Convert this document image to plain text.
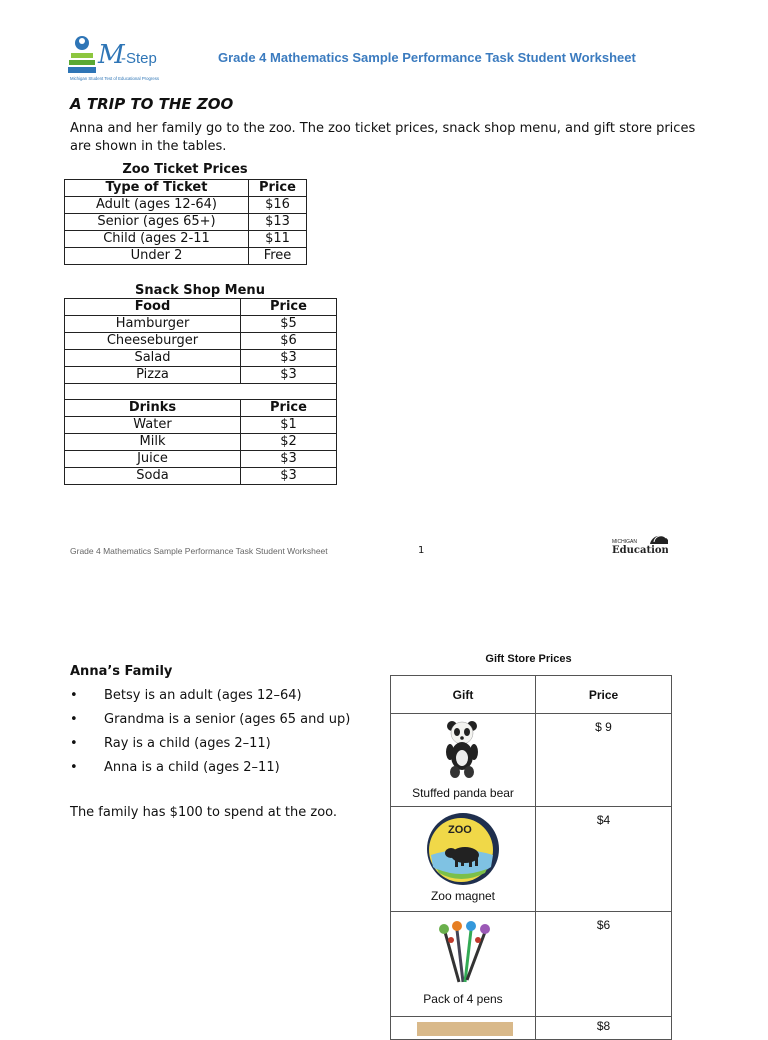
M
-Step
Michigan Student Test of Educational Progress
Grade 4 Mathematics Sample Performance Task Student Worksheet
A TRIP TO THE ZOO
Anna and her family go to the zoo. The zoo ticket prices, snack shop menu, and gift store prices are shown in the tables.
Zoo Ticket Prices
Type of Ticket	Price
Adult (ages 12-64)	$16
Senior (ages 65+)	$13
Child (ages 2-11	$11
Under 2	Free
Snack Shop Menu
Food	Price
Hamburger	$5
Cheeseburger	$6
Salad	$3
Pizza	$3

Drinks	Price
Water	$1
Milk	$2
Juice	$3
Soda	$3
Grade 4 Mathematics Sample Performance Task Student Worksheet	1
MICHIGAN
Education
Anna’s Family
• Betsy is an adult (ages 12–64)
• Grandma is a senior (ages 65 and up)
• Ray is a child (ages 2–11)
• Anna is a child (ages 2–11)
The family has $100 to spend at the zoo.
Gift Store Prices
Gift	Price

Stuffed panda bear	$ 9

ZOO
Zoo magnet	$4

Pack of 4 pens	$6

	$8
